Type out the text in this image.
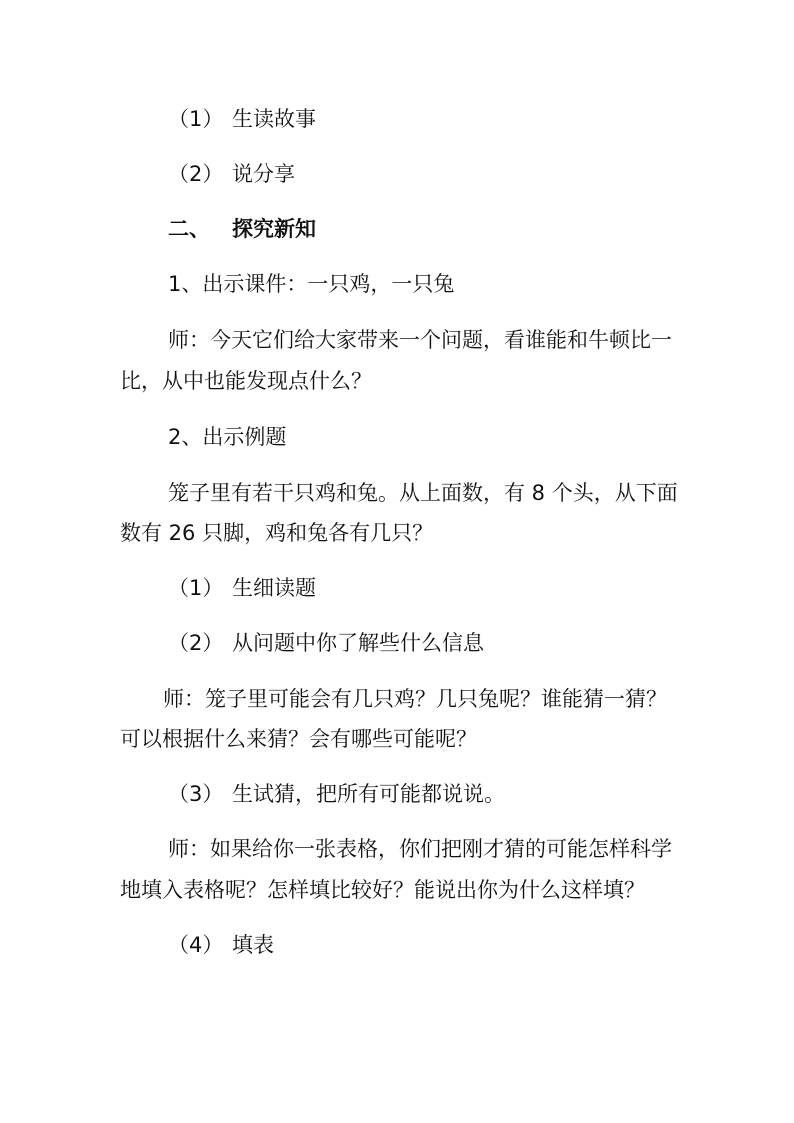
（1） 生读故事

（2） 说分享

二、 探究新知

1、出示课件：一只鸡，一只兔

师：今天它们给大家带来一个问题，看谁能和牛顿比一

比，从中也能发现点什么？

2、出示例题

笼子里有若干只鸡和兔。从上面数，有 8 个头，从下面

数有 26 只脚，鸡和兔各有几只？

（1） 生细读题

（2） 从问题中你了解些什么信息

师：笼子里可能会有几只鸡？几只兔呢？谁能猜一猜？

可以根据什么来猜？会有哪些可能呢？

（3） 生试猜，把所有可能都说说。

师：如果给你一张表格，你们把刚才猜的可能怎样科学

地填入表格呢？怎样填比较好？能说出你为什么这样填？

（4） 填表
